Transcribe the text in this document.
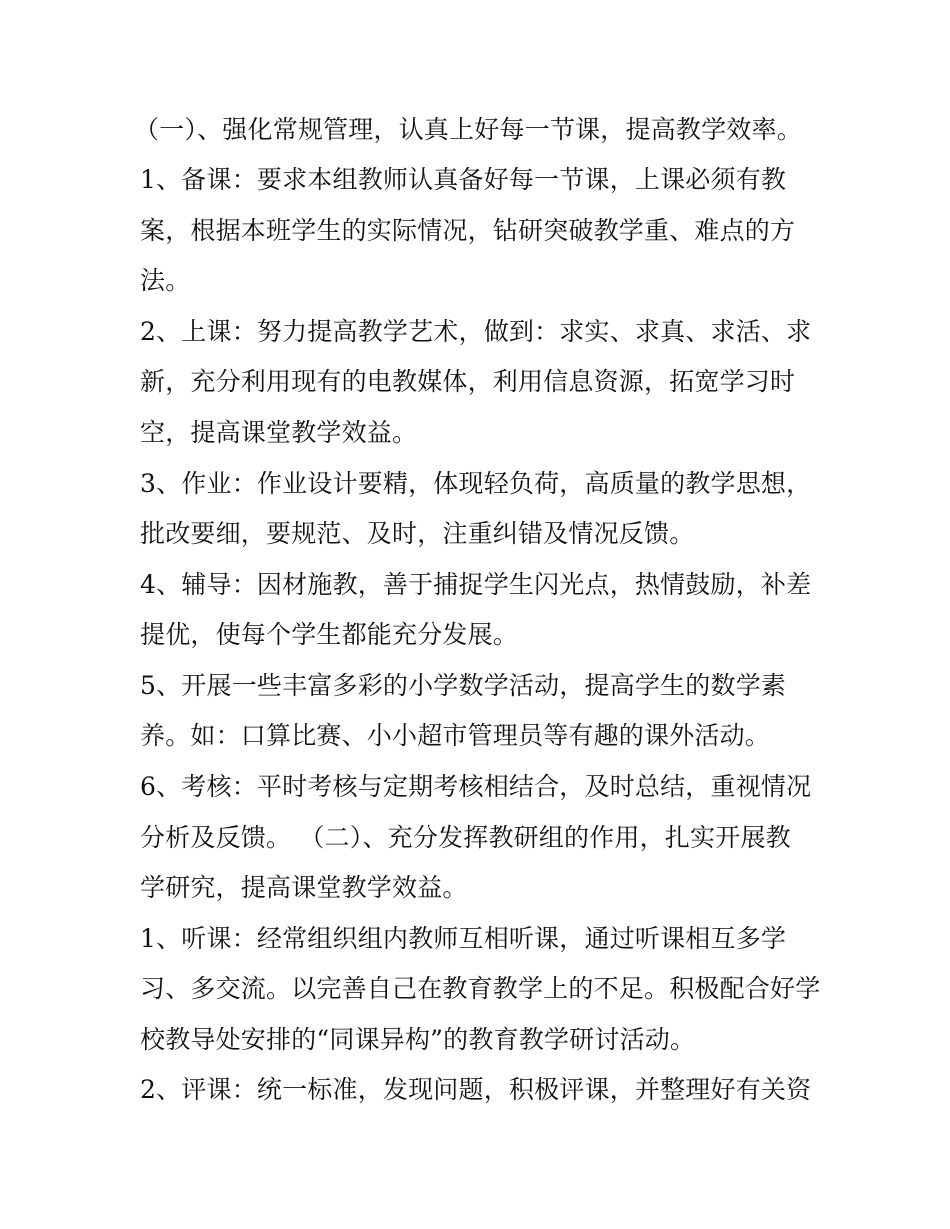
（一）、强化常规管理，认真上好每一节课，提高教学效率。
1、备课：要求本组教师认真备好每一节课，上课必须有教
案，根据本班学生的实际情况，钻研突破教学重、难点的方
法。
2、上课：努力提高教学艺术，做到：求实、求真、求活、求
新，充分利用现有的电教媒体，利用信息资源，拓宽学习时
空，提高课堂教学效益。
3、作业：作业设计要精，体现轻负荷，高质量的教学思想，
批改要细，要规范、及时，注重纠错及情况反馈。
4、辅导：因材施教，善于捕捉学生闪光点，热情鼓励，补差
提优，使每个学生都能充分发展。
5、开展一些丰富多彩的小学数学活动，提高学生的数学素
养。如：口算比赛、小小超市管理员等有趣的课外活动。
6、考核：平时考核与定期考核相结合，及时总结，重视情况
分析及反馈。 （二）、充分发挥教研组的作用，扎实开展教
学研究，提高课堂教学效益。
1、听课：经常组织组内教师互相听课，通过听课相互多学
习、多交流。以完善自己在教育教学上的不足。积极配合好学
校教导处安排的“同课异构”的教育教学研讨活动。
2、评课：统一标准，发现问题，积极评课，并整理好有关资
